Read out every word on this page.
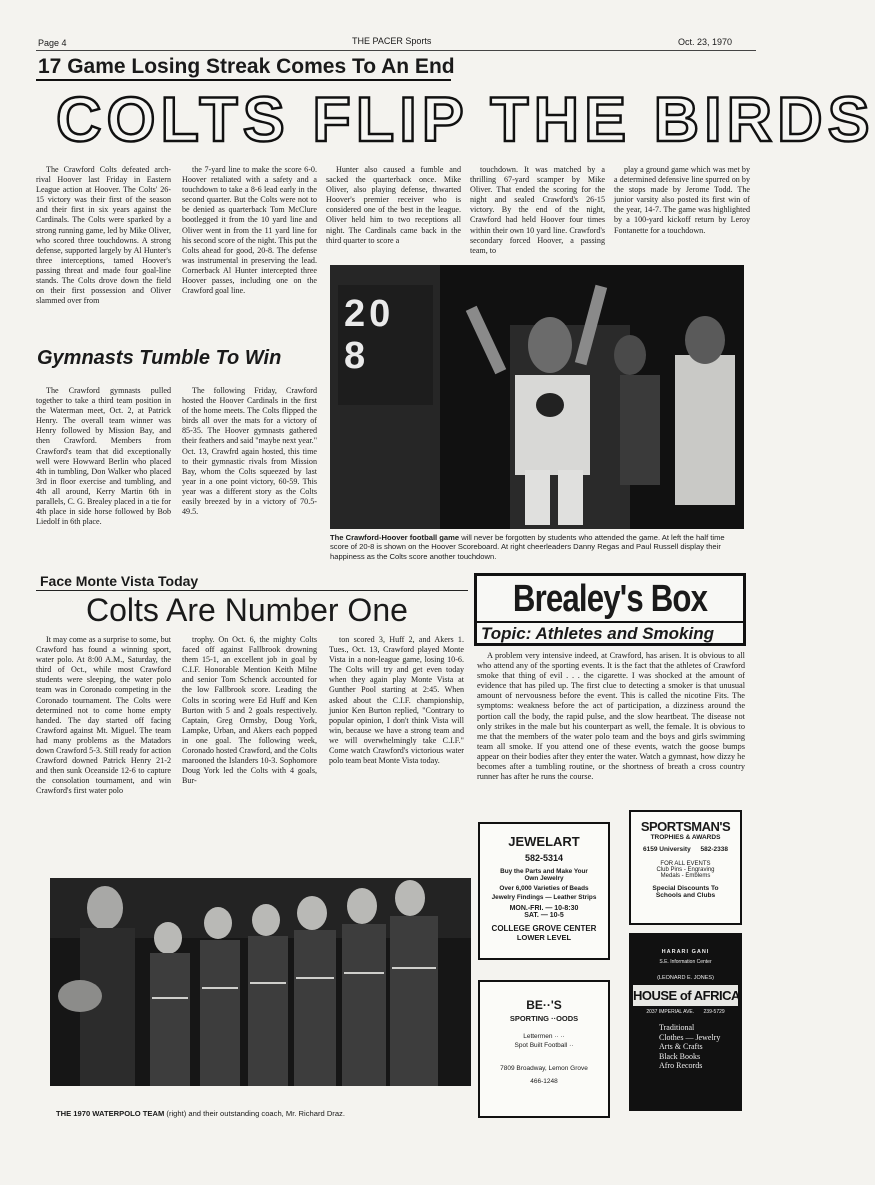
Page 4	THE PACER Sports	Oct. 23, 1970
17 Game Losing Streak Comes To An End
COLTS FLIP THE BIRDS

The Crawford Colts defeated arch-rival Hoover last Friday in Eastern League action at Hoover. The Colts' 26-15 victory was their first of the season and their first in six years against the Cardinals. The Colts were sparked by a strong running game, led by Mike Oliver, who scored three touchdowns. A strong defense, supported largely by Al Hunter's three interceptions, tamed Hoover's passing threat and made four goal-line stands. The Colts drove down the field on their first possession and Oliver slammed over from

the 7-yard line to make the score 6-0. Hoover retaliated with a safety and a touchdown to take a 8-6 lead early in the second quarter. But the Colts were not to be denied as quarterback Tom McClure bootlegged it from the 10 yard line and Oliver went in from the 11 yard line for his second score of the night. This put the Colts ahead for good, 20-8. The defense was instrumental in preserving the lead. Cornerback Al Hunter intercepted three Hoover passes, including one on the Crawford goal line.

Hunter also caused a fumble and sacked the quarterback once. Mike Oliver, also playing defense, thwarted Hoover's premier receiver who is considered one of the best in the league. Oliver held him to two receptions all night. The Cardinals came back in the third quarter to score a

touchdown. It was matched by a thrilling 67-yard scamper by Mike Oliver. That ended the scoring for the night and sealed Crawford's 26-15 victory. By the end of the night, Crawford had held Hoover four times within their own 10 yard line. Crawford's secondary forced Hoover, a passing team, to

play a ground game which was met by a determined defensive line spurred on by the stops made by Jerome Todd. The junior varsity also posted its first win of the year, 14-7. The game was highlighted by a 100-yard kickoff return by Leroy Fontanette for a touchdown.

Gymnasts Tumble To Win

The Crawford gymnasts pulled together to take a third team position in the Waterman meet, Oct. 2, at Patrick Henry. The overall team winner was Henry followed by Mission Bay, and then Crawford. Members from Crawford's team that did exceptionally well were Howward Berlin who placed 4th in tumbling, Don Walker who placed 3rd in floor exercise and tumbling, and 4th all around, Kerry Martin 6th in parallels, C. G. Brealey placed in a tie for 4th place in side horse followed by Bob Liedolf in 6th place.

The following Friday, Crawford hosted the Hoover Cardinals in the first of the home meets. The Colts flipped the birds all over the mats for a victory of 85-35. The Hoover gymnasts gathered their feathers and said "maybe next year." Oct. 13, Crawfrd again hosted, this time to their gymnastic rivals from Mission Bay, whom the Colts squeezed by last year in a one point victory, 60-59. This year was a different story as the Colts easily breezed by in a victory of 70.5-49.5.

20 8
The Crawford-Hoover football game will never be forgotten by students who attended the game. At left the half time score of 20-8 is shown on the Hoover Scoreboard. At right cheerleaders Danny Regas and Paul Russell display their happiness as the Colts score another touchdown.
Face Monte Vista Today
Colts Are Number One

It may come as a surprise to some, but Crawford has found a winning sport, water polo. At 8:00 A.M., Saturday, the third of Oct., while most Crawford students were sleeping, the water polo team was in Coronado competing in the Coronado tournament. The Colts were determined not to come home empty handed. The day started off facing Crawford against Mt. Miguel. The team had many problems as the Matadors down Crawford 5-3. Still ready for action Crawford downed Patrick Henry 21-2 and then sunk Oceanside 12-6 to capture the consolation tournament, and win Crawford's first water polo

trophy. On Oct. 6, the mighty Colts faced off against Fallbrook drowning them 15-1, an excellent job in goal by C.I.F. Honorable Mention Keith Milne and senior Tom Schenck accounted for the low Fallbrook score. Leading the Colts in scoring were Ed Huff and Ken Burton with 5 and 2 goals respectively. Captain, Greg Ormsby, Doug York, Lampke, Urban, and Akers each popped in one goal. The following week, Coronado hosted Crawford, and the Colts marooned the Islanders 10-3. Sophomore Doug York led the Colts with 4 goals, Bur-

ton scored 3, Huff 2, and Akers 1. Tues., Oct. 13, Crawford played Monte Vista in a non-league game, losing 10-6. The Colts will try and get even today when they again play Monte Vista at Gunther Pool starting at 2:45. When asked about the C.I.F. championship, junior Ken Burton replied, "Contrary to popular opinion, I don't think Vista will win, because we have a strong team and we will overwhelmingly take C.I.F." Come watch Crawford's victorious water polo team beat Monte Vista today.

THE 1970 WATERPOLO TEAM (right) and their outstanding coach, Mr. Richard Draz.
Brealey's Box
Topic: Athletes and Smoking

A problem very intensive indeed, at Crawford, has arisen. It is obvious to all who attend any of the sporting events. It is the fact that the athletes of Crawford smoke that thing of evil . . . the cigarette. I was shocked at the amount of evidence that has piled up. The first clue to detecting a smoker is that unusual amount of nervousness before the event. This is called the nicotine Fits. The symptoms: weakness before the act of participation, a dizziness around the portion call the body, the rapid pulse, and the slow heartbeat. The disease not only strikes in the male but his counterpart as well, the female. It is obvious to me that the members of the water polo team and the boys and girls swimming team all smoke. If you attend one of these events, watch the goose bumps appear on their bodies after they enter the water. Watch a gymnast, how dizzy he becomes after a tumbling routine, or the shortness of breath a cross country runner has after he runs the course.

JEWELART
582-5314
Buy the Parts and Make Your Own Jewelry
Over 6,000 Varieties of Beads
Jewelry Findings — Leather Strips
MON.-FRI. — 10-8:30
SAT. — 10-5
COLLEGE GROVE CENTER
LOWER LEVEL
SPORTSMAN'S
TROPHIES & AWARDS
6159 University 582-2338
FOR ALL EVENTS
Club Pins - Engraving
Medals - Emblems
Special Discounts To Schools and Clubs
BE··'S
SPORTING ··OODS
Lettermen ·· ··
Spot Built Football ··
7809 Broadway, Lemon Grove
466-1248
HARARI GANI
S.E. Information Center
(LEONARD E. JONES)
HOUSE of AFRICA
2037 IMPERIAL AVE. 239-5729
Traditional
Clothes — Jewelry
Arts & Crafts
Black Books
Afro Records
